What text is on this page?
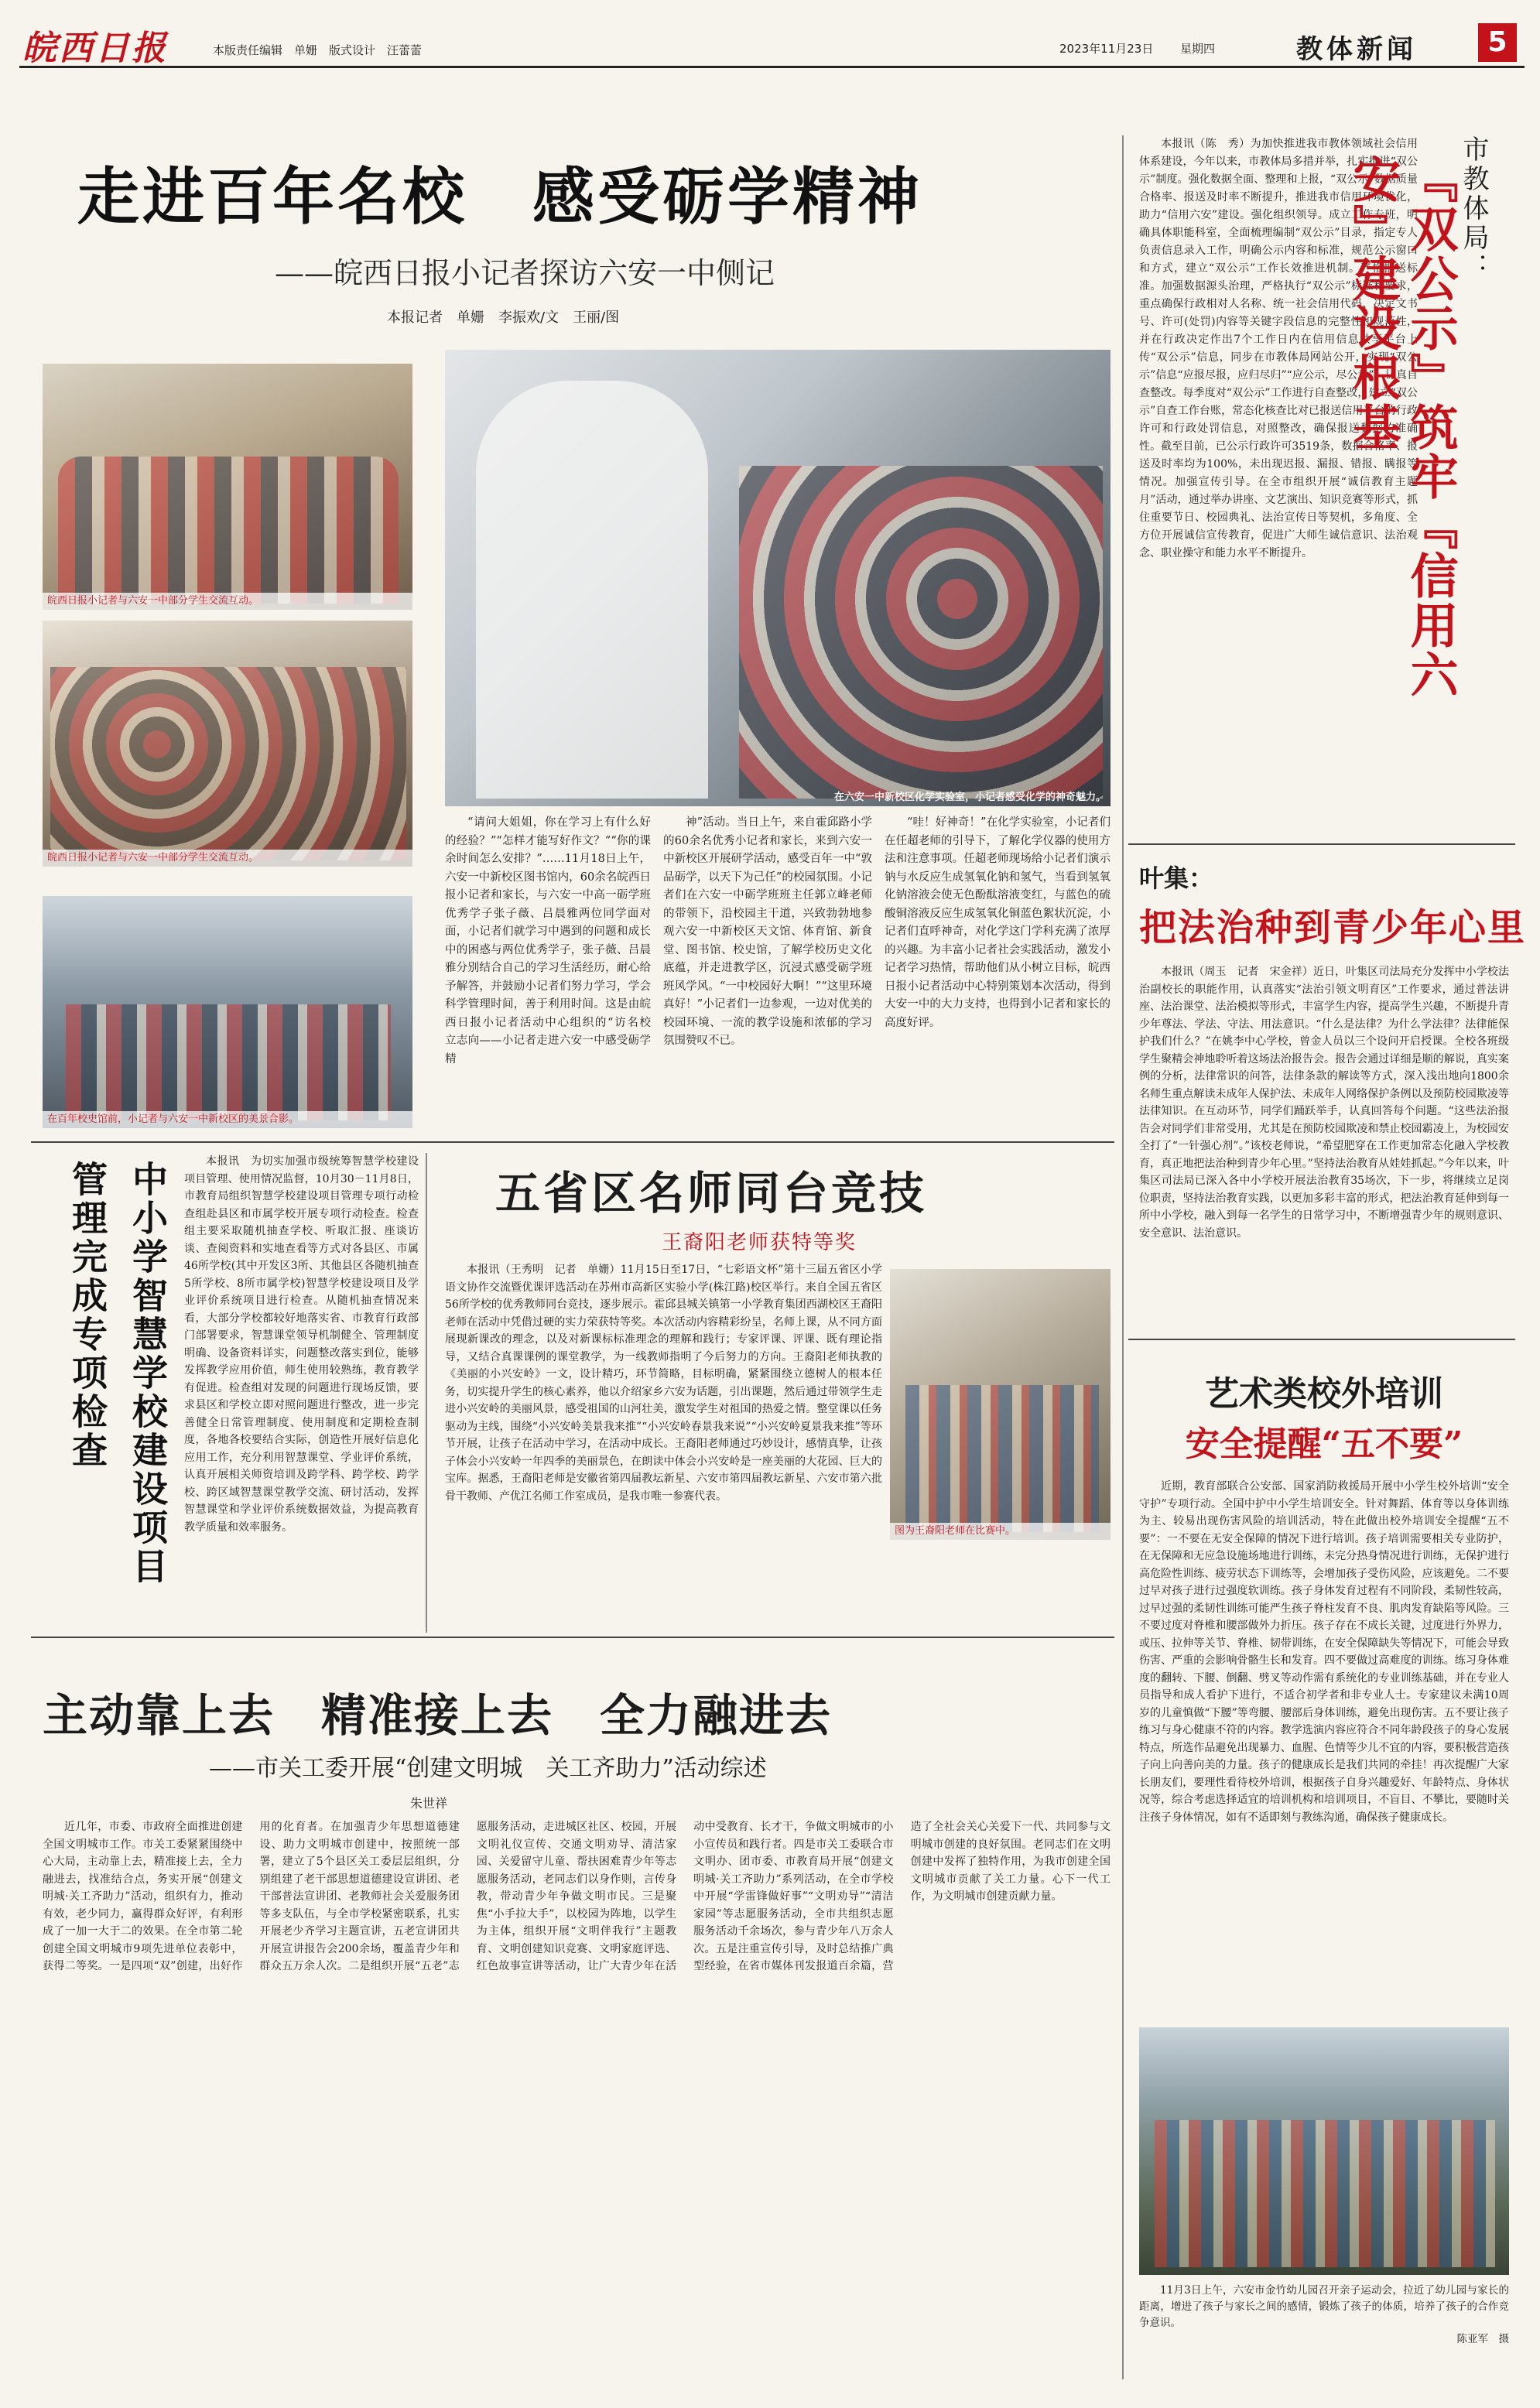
皖西日报	本版责任编辑　单姗　版式设计　汪蕾蕾	2023年11月23日 星期四	教体新闻	5
走进百年名校　感受砺学精神
——皖西日报小记者探访六安一中侧记
本报记者　单姗　李振欢/文　王丽/图
皖西日报小记者与六安一中部分学生交流互动。
皖西日报小记者与六安一中部分学生交流互动。
在六安一中新校区化学实验室，小记者感受化学的神奇魅力。
在百年校史馆前，小记者与六安一中新校区的美景合影。

“请问大姐姐，你在学习上有什么好的经验？”“怎样才能写好作文？”“你的课余时间怎么安排？”……11月18日上午，六安一中新校区图书馆内，60余名皖西日报小记者和家长，与六安一中高一砺学班优秀学子张子薇、吕晨雅两位同学面对面，小记者们就学习中遇到的问题和成长中的困惑与两位优秀学子，张子薇、吕晨雅分别结合自己的学习生活经历，耐心给予解答，并鼓励小记者们努力学习，学会科学管理时间，善于利用时间。这是由皖西日报小记者活动中心组织的“访名校　立志向——小记者走进六安一中感受砺学精

神”活动。当日上午，来自霍邱路小学的60余名优秀小记者和家长，来到六安一中新校区开展研学活动，感受百年一中“敦品砺学，以天下为己任”的校园氛围。小记者们在六安一中砺学班班主任郭立峰老师的带领下，沿校园主干道，兴致勃勃地参观六安一中新校区天文馆、体育馆、新食堂、图书馆、校史馆，了解学校历史文化底蕴，并走进教学区，沉浸式感受砺学班班风学风。“一中校园好大啊！”“这里环境真好！”小记者们一边参观，一边对优美的校园环境、一流的教学设施和浓郁的学习氛围赞叹不已。

“哇！好神奇！”在化学实验室，小记者们在任超老师的引导下，了解化学仪器的使用方法和注意事项。任超老师现场给小记者们演示钠与水反应生成氢氧化钠和氢气，当看到氢氧化钠溶液会使无色酚酞溶液变红，与蓝色的硫酸铜溶液反应生成氢氧化铜蓝色絮状沉淀，小记者们直呼神奇，对化学这门学科充满了浓厚的兴趣。为丰富小记者社会实践活动，激发小记者学习热情，帮助他们从小树立目标，皖西日报小记者活动中心特别策划本次活动，得到大安一中的大力支持，也得到小记者和家长的高度好评。

本报讯（陈　秀）为加快推进我市教体领域社会信用体系建设，今年以来，市教体局多措并举，扎实推进“双公示”制度。强化数据全面、整理和上报，“双公示”数据质量合格率、报送及时率不断提升，推进我市信用环境优化，助力“信用六安”建设。强化组织领导。成立工作专班，明确具体职能科室，全面梳理编制“双公示”目录，指定专人负责信息录入工作，明确公示内容和标准，规范公示窗口和方式，建立“双公示”工作长效推进机制。严格报送标准。加强数据源头治理，严格执行“双公示”标准和要求，重点确保行政相对人名称、统一社会信用代码、决定文书号、许可(处罚)内容等关键字段信息的完整性和规范性，并在行政决定作出7个工作日内在信用信息共享平台上传“双公示”信息，同步在市教体局网站公开，实现“双公示”信息“应报尽报，应归尽归”“应公示，尽公示”。认真自查整改。每季度对“双公示”工作进行自查整改，建立“双公示”自查工作台账，常态化核查比对已报送信用平台的行政许可和行政处罚信息，对照整改，确保报送数据的准确性。截至目前，已公示行政许可3519条，数据合格率、报送及时率均为100%，未出现迟报、漏报、错报、瞒报等情况。加强宣传引导。在全市组织开展“诚信教育主题月”活动，通过举办讲座、文艺演出、知识竞赛等形式，抓住重要节日、校园典礼、法治宣传日等契机，多角度、全方位开展诚信宣传教育，促进广大师生诚信意识、法治观念、职业操守和能力水平不断提升。

市教体局：
『双公示』筑牢『信用六安』建设根基
叶集：
把法治种到青少年心里

本报讯（周玉　记者　宋金祥）近日，叶集区司法局充分发挥中小学校法治副校长的职能作用，认真落实“法治引领文明育区”工作要求，通过普法讲座、法治课堂、法治模拟等形式，丰富学生内容，提高学生兴趣，不断提升青少年尊法、学法、守法、用法意识。“什么是法律？为什么学法律？法律能保护我们什么？”在姚李中心学校，曾金人员以三个设问开启授课。全校各班级学生聚精会神地聆听着这场法治报告会。报告会通过详细是顺的解说，真实案例的分析，法律常识的问答，法律条款的解读等方式，深入浅出地向1800余名师生重点解读未成年人保护法、未成年人网络保护条例以及预防校园欺凌等法律知识。在互动环节，同学们踊跃举手，认真回答每个问题。“这些法治报告会对同学们非常受用，尤其是在预防校园欺凌和禁止校园霸凌上，为校园安全打了“一针强心剂”。”该校老师说，“希望肥穿在工作更加常态化融入学校教育，真正地把法治种到青少年心里。”坚持法治教育从娃娃抓起。”今年以来，叶集区司法局已深入各中小学校开展法治教育35场次，下一步，将继续立足岗位职责，坚持法治教育实践，以更加多彩丰富的形式，把法治教育延伸到每一所中小学校，融入到每一名学生的日常学习中，不断增强青少年的规则意识、安全意识、法治意识。

艺术类校外培训
安全提醒“五不要”

近期，教育部联合公安部、国家消防救援局开展中小学生校外培训“安全守护”专项行动。全国中护中小学生培训安全。针对舞蹈、体育等以身体训练为主、较易出现伤害风险的培训活动，特在此做出校外培训安全提醒“五不要”：一不要在无安全保障的情况下进行培训。孩子培训需要相关专业防护，在无保障和无应急设施场地进行训练，未完分热身情况进行训练，无保护进行高危险性训练、疲劳状态下训练等，会增加孩子受伤风险，应该避免。二不要过早对孩子进行过强度软训练。孩子身体发育过程有不同阶段，柔韧性较高，过早过强的柔韧性训练可能严生孩子脊柱发育不良、肌肉发育缺陷等风险。三不要过度对脊椎和腰部做外力折压。孩子存在不成长关键，过度进行外界力，或压、拉伸等关节、脊椎、韧带训练，在安全保障缺失等情况下，可能会导致伤害、严重的会影响骨骼生长和发育。四不要做过高难度的训练。练习身体难度的翻转、下腰、倒翻、劈叉等动作需有系统化的专业训练基础，并在专业人员指导和成人看护下进行，不适合初学者和非专业人士。专家建议未满10周岁的儿童慎做“下腰”等弯腰、腰部后身体训练，避免出现伤害。五不要让孩子练习与身心健康不符的内容。教学选演内容应符合不同年龄段孩子的身心发展特点，所选作品避免出现暴力、血腥、色情等少儿不宜的内容，要积极营造孩子向上向善向美的力量。孩子的健康成长是我们共同的牵挂！再次提醒广大家长朋友们，要理性看待校外培训，根据孩子自身兴趣爱好、年龄特点、身体状况等，综合考虑选择适宜的培训机构和培训项目，不盲目、不攀比，要随时关注孩子身体情况，如有不适即刻与教练沟通，确保孩子健康成长。

11月3日上午，六安市金竹幼儿园召开亲子运动会，拉近了幼儿园与家长的距离，增进了孩子与家长之间的感情，锻炼了孩子的体质，培养了孩子的合作竞争意识。

陈亚军　摄
中小学智慧学校建设项目管理完成专项检查	本报讯　为切实加强市级统筹智慧学校建设项目管理、使用情况监督，10月30－11月8日，市教育局组织智慧学校建设项目管理专项行动检查组赴县区和市属学校开展专项行动检查。检查组主要采取随机抽查学校、听取汇报、座谈访谈、查阅资料和实地查看等方式对各县区、市属46所学校(其中开发区3所、其他县区各随机抽查5所学校、8所市属学校)智慧学校建设项目及学业评价系统项目进行检查。从随机抽查情况来看，大部分学校都较好地落实省、市教育行政部门部署要求，智慧课堂领导机制健全、管理制度明确、设备资料详实，问题整改落实到位，能够发挥教学应用价值，师生使用较熟练，教育教学有促进。检查组对发现的问题进行现场反馈，要求县区和学校立即对照问题进行整改，进一步完善健全日常管理制度、使用制度和定期检查制度，各地各校要结合实际，创造性开展好信息化应用工作，充分利用智慧课堂、学业评价系统，认真开展相关师资培训及跨学科、跨学校、跨学校、跨区域智慧课堂教学交流、研讨活动，发挥智慧课堂和学业评价系统数据效益，为提高教育教学质量和效率服务。

五省区名师同台竞技
王裔阳老师获特等奖

本报讯（王秀明　记者　单姗）11月15日至17日，“七彩语文杯”第十三届五省区小学语文协作交流暨优课评选活动在苏州市高新区实验小学(株江路)校区举行。来自全国五省区56所学校的优秀教师同台竞技，逐步展示。霍邱县城关镇第一小学教育集团西湖校区王裔阳老师在活动中凭借过硬的实力荣获特等奖。本次活动内容精彩纷呈，名师上课，从不同方面展现新课改的理念，以及对新课标标准理念的理解和践行；专家评课、评课、既有理论指导，又结合真课课例的课堂教学，为一线教师指明了今后努力的方向。王裔阳老师执教的《美丽的小兴安岭》一文，设计精巧，环节简略，目标明确，紧紧围绕立德树人的根本任务，切实提升学生的核心素养，他以介绍家乡六安为话题，引出课题，然后通过带领学生走进小兴安岭的美丽风景，感受祖国的山河壮美，激发学生对祖国的热爱之情。整堂课以任务驱动为主线，围绕“小兴安岭美景我来推”“小兴安岭春景我来说”“小兴安岭夏景我来推”等环节开展，让孩子在活动中学习，在活动中成长。王裔阳老师通过巧妙设计，感情真挚，让孩子体会小兴安岭一年四季的美丽景色，在朗读中体会小兴安岭是一座美丽的大花园、巨大的宝库。据悉，王裔阳老师是安徽省第四届教坛新星、六安市第四届教坛新星、六安市第六批骨干教师、产优江名师工作室成员，是我市唯一参赛代表。

图为王裔阳老师在比赛中。
主动靠上去　精准接上去　全力融进去
——市关工委开展“创建文明城　关工齐助力”活动综述
朱世祥

近几年，市委、市政府全面推进创建全国文明城市工作。市关工委紧紧围绕中心大局，主动靠上去，精准接上去，全力融进去，找准结合点，务实开展“创建文明城·关工齐助力”活动，组织有力，推动有效，老少同力，赢得群众好评，有利形成了一加一大于二的效果。在全市第二轮创建全国文明城市9项先进单位表彰中，获得二等奖。一是四项“双”创建，出好作用的化育者。在加强青少年思想道德建设、助力文明城市创建中，按照统一部署，建立了5个县区关工委层层组织，分别组建了老干部思想道德建设宣讲团、老干部普法宣讲团、老教师社会关爱服务团等多支队伍，与全市学校紧密联系，扎实开展老少齐学习主题宣讲，五老宣讲团共开展宣讲报告会200余场，覆盖青少年和群众五万余人次。二是组织开展“五老”志愿服务活动，走进城区社区、校园，开展文明礼仪宣传、交通文明劝导、清洁家园、关爱留守儿童、帮扶困难青少年等志愿服务活动，老同志们以身作则，言传身教，带动青少年争做文明市民。三是聚焦“小手拉大手”，以校园为阵地，以学生为主体，组织开展“文明伴我行”主题教育、文明创建知识竞赛、文明家庭评选、红色故事宣讲等活动，让广大青少年在活动中受教育、长才干，争做文明城市的小小宣传员和践行者。四是市关工委联合市文明办、团市委、市教育局开展“创建文明城·关工齐助力”系列活动，在全市学校中开展“学雷锋做好事”“文明劝导”“清洁家园”等志愿服务活动，全市共组织志愿服务活动千余场次，参与青少年八万余人次。五是注重宣传引导，及时总结推广典型经验，在省市媒体刊发报道百余篇，营造了全社会关心关爱下一代、共同参与文明城市创建的良好氛围。老同志们在文明创建中发挥了独特作用，为我市创建全国文明城市贡献了关工力量。心下一代工作，为文明城市创建贡献力量。
